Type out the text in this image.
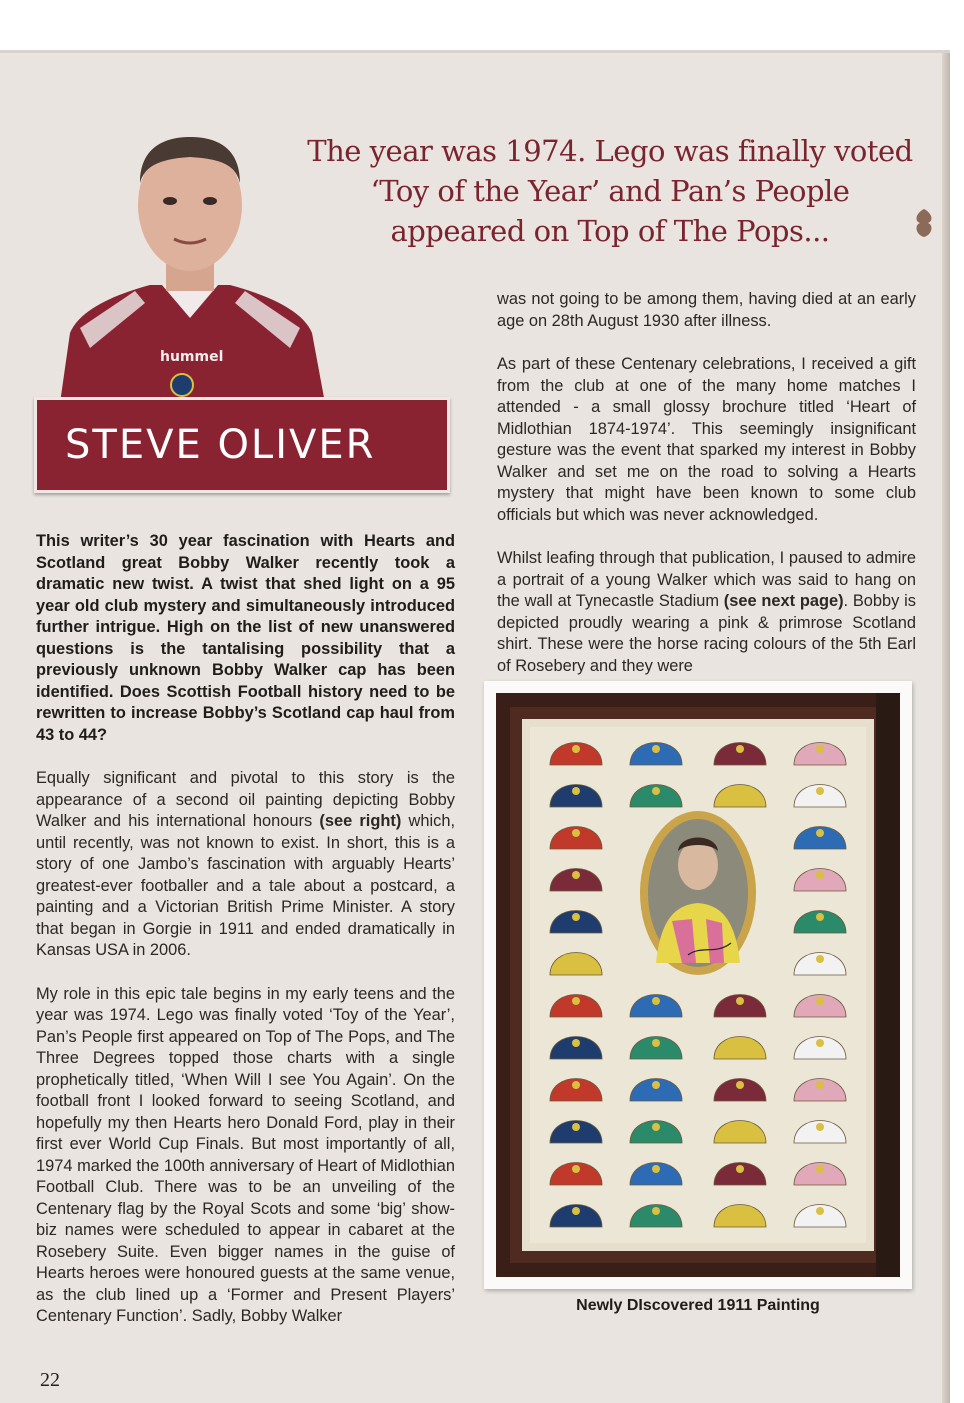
The year was 1974. Lego was finally voted
‘Toy of the Year’ and Pan’s People
appeared on Top of The Pops...
hummel
STEVE OLIVER

This writer’s 30 year fascination with Hearts and Scotland great Bobby Walker recently took a dramatic new twist. A twist that shed light on a 95 year old club mystery and simultaneously introduced further intrigue. High on the list of new unanswered questions is the tantalising possibility that a previously unknown Bobby Walker cap has been identified. Does Scottish Football history need to be rewritten to increase Bobby’s Scotland cap haul from 43 to 44?

Equally significant and pivotal to this story is the appearance of a second oil painting depicting Bobby Walker and his international honours (see right) which, until recently, was not known to exist. In short, this is a story of one Jambo’s fascination with arguably Hearts’ greatest-ever footballer and a tale about a postcard, a painting and a Victorian British Prime Minister. A story that began in Gorgie in 1911 and ended dramatically in Kansas USA in 2006.

My role in this epic tale begins in my early teens and the year was 1974. Lego was finally voted ‘Toy of the Year’, Pan’s People first appeared on Top of The Pops, and The Three Degrees topped those charts with a single prophetically titled, ‘When Will I see You Again’. On the football front I looked forward to seeing Scotland, and hopefully my then Hearts hero Donald Ford, play in their first ever World Cup Finals. But most importantly of all, 1974 marked the 100th anniversary of Heart of Midlothian Football Club. There was to be an unveiling of the Centenary flag by the Royal Scots and some ‘big’ show-biz names were scheduled to appear in cabaret at the Rosebery Suite. Even bigger names in the guise of Hearts heroes were honoured guests at the same venue, as the club lined up a ‘Former and Present Players’ Centenary Function’. Sadly, Bobby Walker

was not going to be among them, having died at an early age on 28th August 1930 after illness.

As part of these Centenary celebrations, I received a gift from the club at one of the many home matches I attended - a small glossy brochure titled ‘Heart of Midlothian 1874-1974’. This seemingly insignificant gesture was the event that sparked my interest in Bobby Walker and set me on the road to solving a Hearts mystery that might have been known to some club officials but which was never acknowledged.

Whilst leafing through that publication, I paused to admire a portrait of a young Walker which was said to hang on the wall at Tynecastle Stadium (see next page). Bobby is depicted proudly wearing a pink & primrose Scotland shirt. These were the horse racing colours of the 5th Earl of Rosebery and they were

Newly DIscovered 1911 Painting
22
